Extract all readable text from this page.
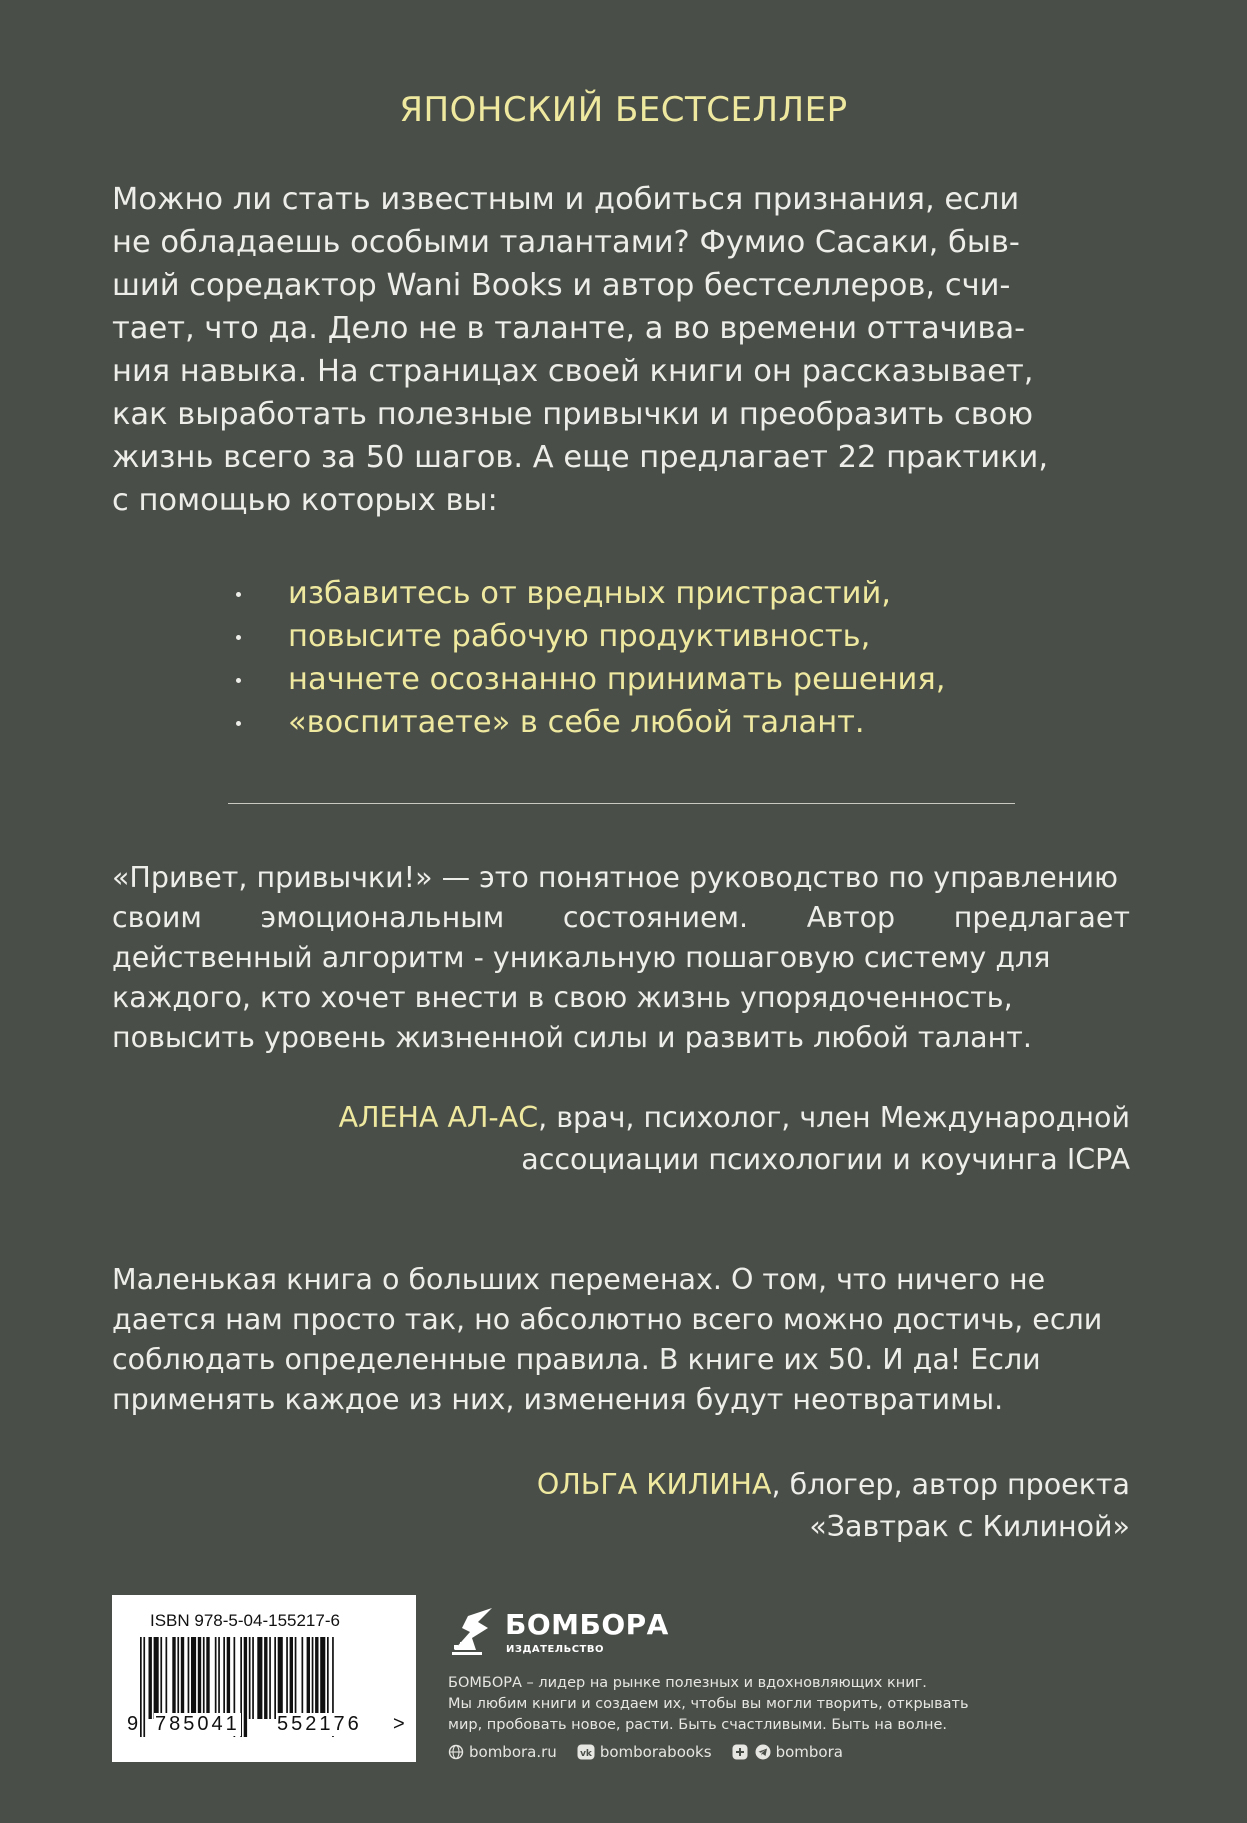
ЯПОНСКИЙ БЕСТСЕЛЛЕР
Можно ли стать известным и добиться признания, если
не обладаешь особыми талантами? Фумио Сасаки, быв-
ший соредактор Wani Books и автор бестселлеров, счи-
тает, что да. Дело не в таланте, а во времени оттачива-
ния навыка. На страницах своей книги он рассказывает,
как выработать полезные привычки и преобразить свою
жизнь всего за 50 шагов. А еще предлагает 22 практики,
с помощью которых вы:
избавитесь от вредных пристрастий,
повысите рабочую продуктивность,
начнете осознанно принимать решения,
«воспитаете» в себе любой талант.
«Привет, привычки!» — это понятное руководство по управлению
своим эмоциональным состоянием. Автор предлагает
действенный алгоритм - уникальную пошаговую систему для
каждого, кто хочет внести в свою жизнь упорядоченность,
повысить уровень жизненной силы и развить любой талант.
АЛЕНА АЛ-АС, врач, психолог, член Международной
ассоциации психологии и коучинга ICPA
Маленькая книга о больших переменах. О том, что ничего не
дается нам просто так, но абсолютно всего можно достичь, если
соблюдать определенные правила. В книге их 50. И да! Если
применять каждое из них, изменения будут неотвратимы.
ОЛЬГА КИЛИНА, блогер, автор проекта
«Завтрак с Килиной»
ISBN 978-5-04-155217-6
9 785041 552176 >
БОМБОРА
ИЗДАТЕЛЬСТВО
БОМБОРА – лидер на рынке полезных и вдохновляющих книг.
Мы любим книги и создаем их, чтобы вы могли творить, открывать
мир, пробовать новое, расти. Быть счастливыми. Быть на волне.
bombora.ru	vk bomborabooks	bombora
